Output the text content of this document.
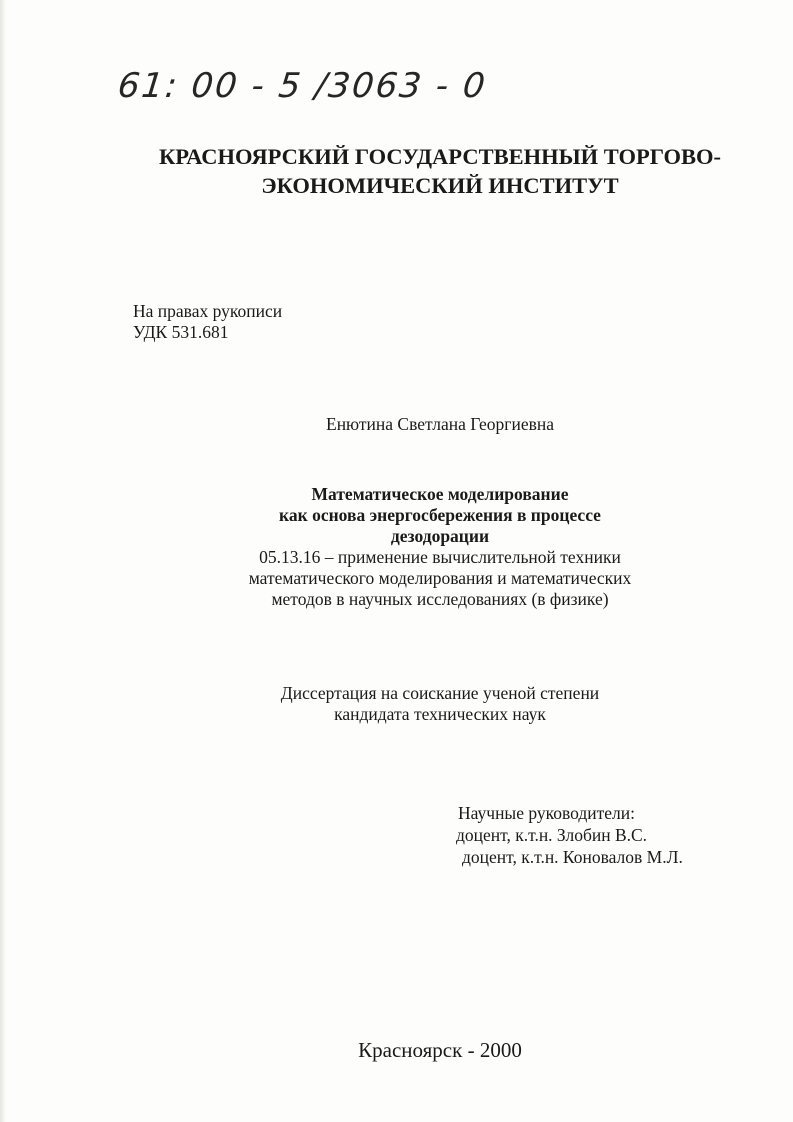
61: 00 - 5 /3063 - 0
КРАСНОЯРСКИЙ ГОСУДАРСТВЕННЫЙ ТОРГОВО-
ЭКОНОМИЧЕСКИЙ ИНСТИТУТ
На правах рукописи
УДК 531.681
Енютина Светлана Георгиевна
Математическое моделирование
как основа энергосбережения в процессе
дезодорации
05.13.16 – применение вычислительной техники
математического моделирования и математических
методов в научных исследованиях (в физике)
Диссертация на соискание ученой степени
кандидата технических наук
Научные руководители:
доцент, к.т.н. Злобин В.С.
доцент, к.т.н. Коновалов М.Л.
Красноярск - 2000
